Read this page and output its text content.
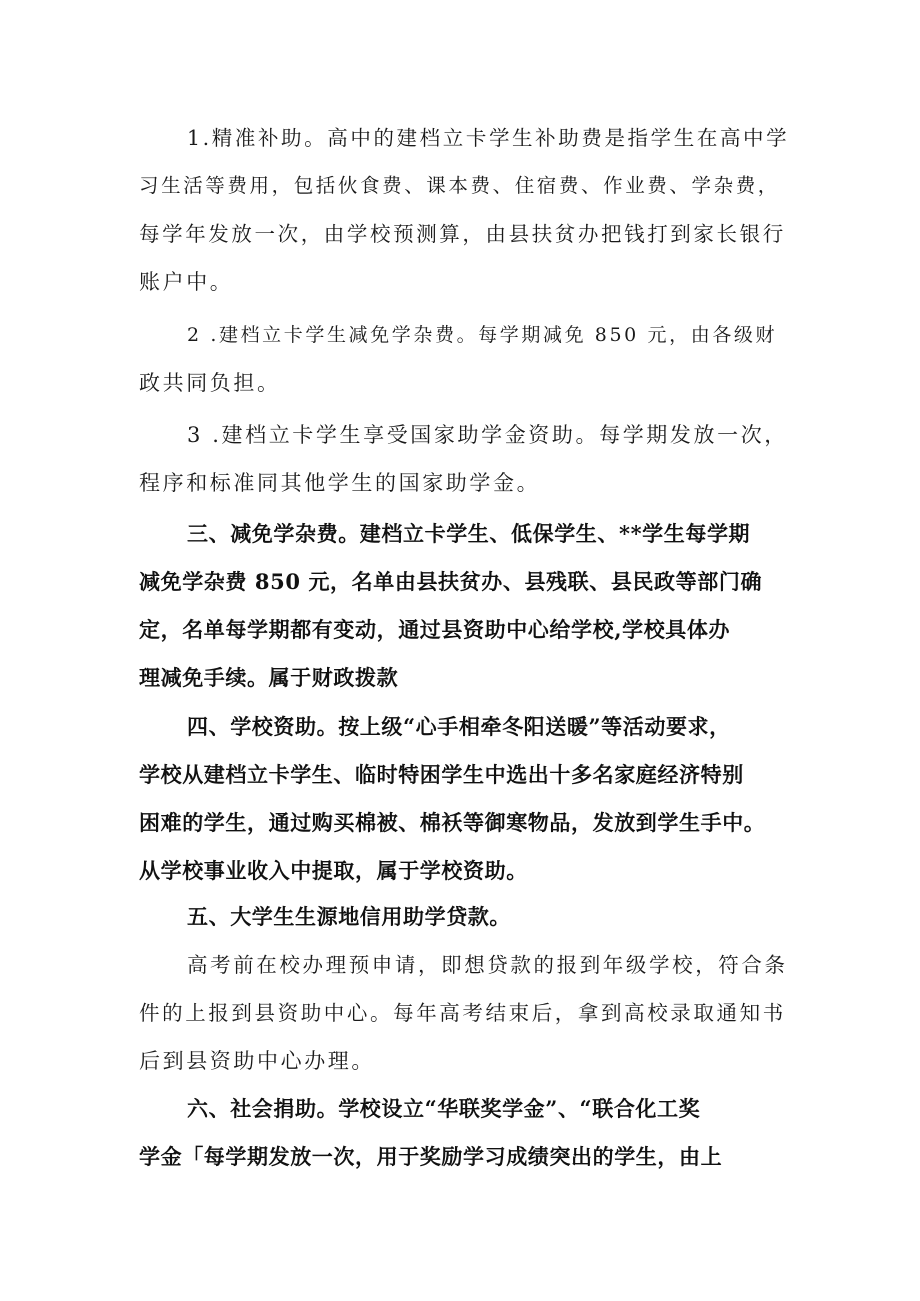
1.精准补助。高中的建档立卡学生补助费是指学生在高中学
习生活等费用，包括伙食费、课本费、住宿费、作业费、学杂费，
每学年发放一次，由学校预测算，由县扶贫办把钱打到家长银行
账户中。

2 .建档立卡学生减免学杂费。每学期减免 850 元，由各级财
政共同负担。

3 .建档立卡学生享受国家助学金资助。每学期发放一次，
程序和标准同其他学生的国家助学金。

三、减免学杂费。建档立卡学生、低保学生、**学生每学期
减免学杂费 850 元，名单由县扶贫办、县残联、县民政等部门确
定，名单每学期都有变动，通过县资助中心给学校,学校具体办
理减免手续。属于财政拨款

四、学校资助。按上级“心手相牵冬阳送暖”等活动要求，
学校从建档立卡学生、临时特困学生中选出十多名家庭经济特别
困难的学生，通过购买棉被、棉袄等御寒物品，发放到学生手中。
从学校事业收入中提取，属于学校资助。

五、大学生生源地信用助学贷款。

高考前在校办理预申请，即想贷款的报到年级学校，符合条
件的上报到县资助中心。每年高考结束后，拿到高校录取通知书
后到县资助中心办理。

六、社会捐助。学校设立“华联奖学金”、“联合化工奖
学金「每学期发放一次，用于奖励学习成绩突出的学生，由上
